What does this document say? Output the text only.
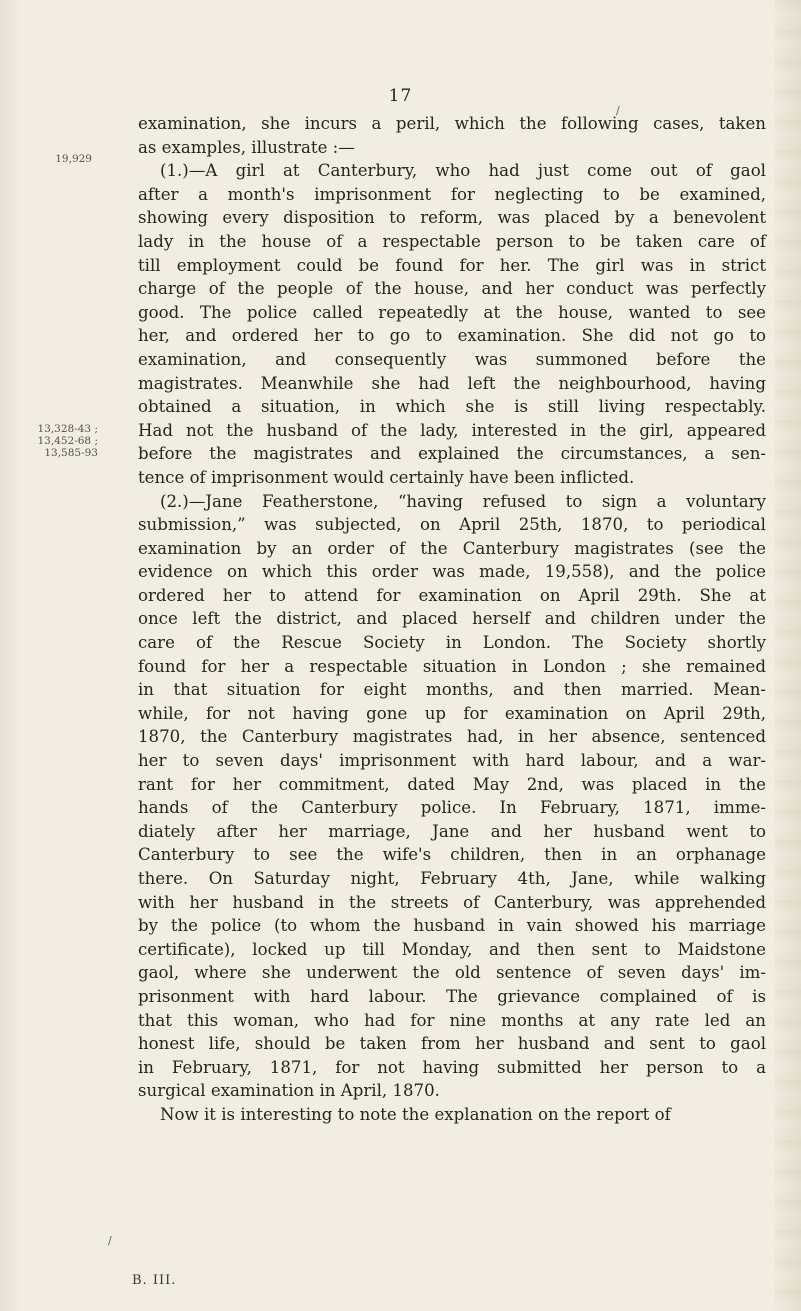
/
17
19,929
13,328-43 ;
13,452-68 ;
13,585-93
examination, she incurs a peril, which the following cases, taken
as examples, illustrate :—
(1.)—A girl at Canterbury, who had just come out of gaol
after a month's imprisonment for neglecting to be examined,
showing every disposition to reform, was placed by a benevolent
lady in the house of a respectable person to be taken care of
till employment could be found for her. The girl was in strict
charge of the people of the house, and her conduct was perfectly
good. The police called repeatedly at the house, wanted to see
her, and ordered her to go to examination. She did not go to
examination, and consequently was summoned before the
magistrates. Meanwhile she had left the neighbourhood, having
obtained a situation, in which she is still living respectably.
Had not the husband of the lady, interested in the girl, appeared
before the magistrates and explained the circumstances, a sen-
tence of imprisonment would certainly have been inflicted.
(2.)—Jane Featherstone, “having refused to sign a voluntary
submission,” was subjected, on April 25th, 1870, to periodical
examination by an order of the Canterbury magistrates (see the
evidence on which this order was made, 19,558), and the police
ordered her to attend for examination on April 29th. She at
once left the district, and placed herself and children under the
care of the Rescue Society in London. The Society shortly
found for her a respectable situation in London ; she remained
in that situation for eight months, and then married. Mean-
while, for not having gone up for examination on April 29th,
1870, the Canterbury magistrates had, in her absence, sentenced
her to seven days' imprisonment with hard labour, and a war-
rant for her commitment, dated May 2nd, was placed in the
hands of the Canterbury police. In February, 1871, imme-
diately after her marriage, Jane and her husband went to
Canterbury to see the wife's children, then in an orphanage
there. On Saturday night, February 4th, Jane, while walking
with her husband in the streets of Canterbury, was apprehended
by the police (to whom the husband in vain showed his marriage
certificate), locked up till Monday, and then sent to Maidstone
gaol, where she underwent the old sentence of seven days' im-
prisonment with hard labour. The grievance complained of is
that this woman, who had for nine months at any rate led an
honest life, should be taken from her husband and sent to gaol
in February, 1871, for not having submitted her person to a
surgical examination in April, 1870.
Now it is interesting to note the explanation on the report of
/
B. III.
